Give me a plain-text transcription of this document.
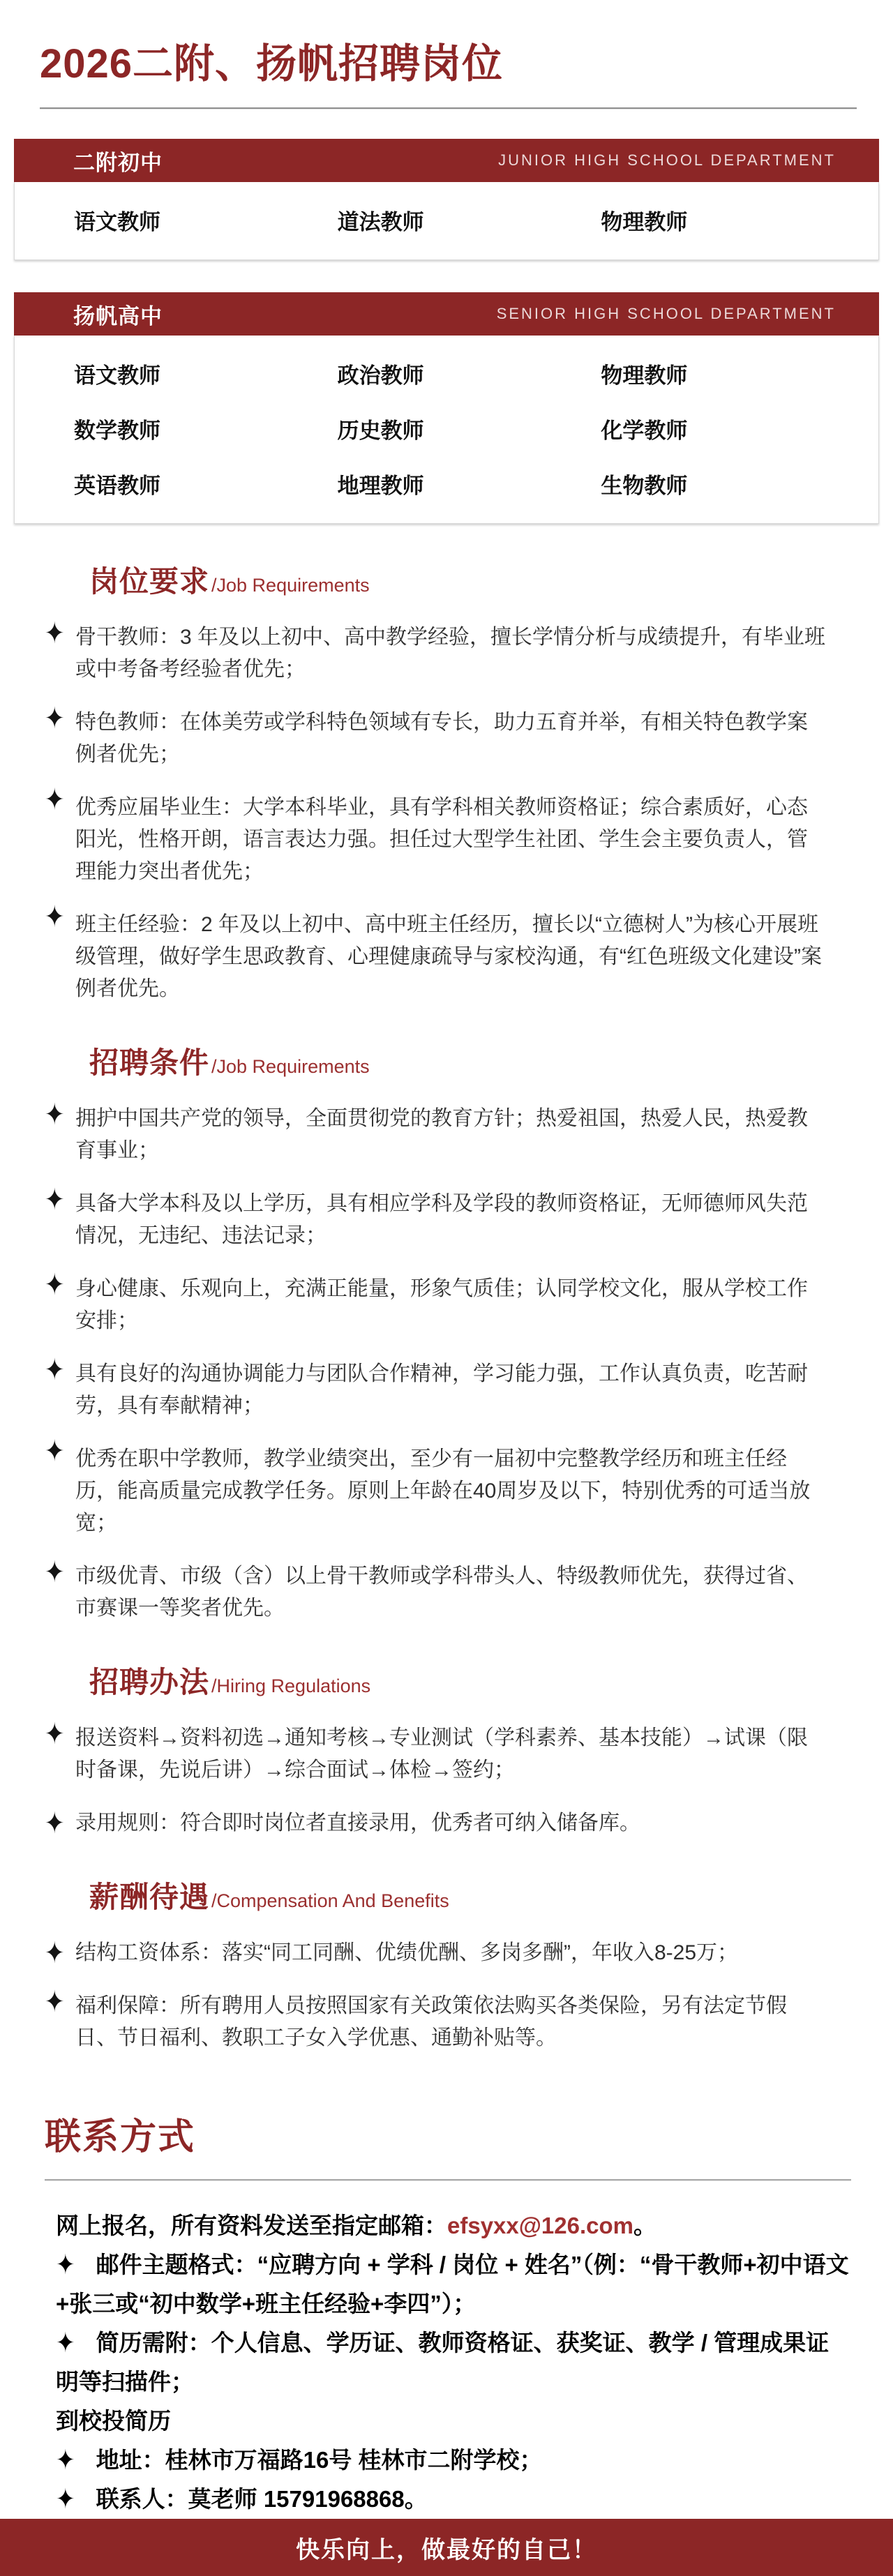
2026二附、扬帆招聘岗位
二附初中	JUNIOR HIGH SCHOOL DEPARTMENT
语文教师	道法教师	物理教师
扬帆高中	SENIOR HIGH SCHOOL DEPARTMENT
语文教师	政治教师	物理教师
数学教师	历史教师	化学教师
英语教师	地理教师	生物教师
岗位要求 /Job Requirements
✦ 骨干教师：3 年及以上初中、高中教学经验，擅长学情分析与成绩提升，有毕业班或中考备考经验者优先；
✦ 特色教师：在体美劳或学科特色领域有专长，助力五育并举，有相关特色教学案例者优先；
✦ 优秀应届毕业生：大学本科毕业，具有学科相关教师资格证；综合素质好，心态阳光，性格开朗，语言表达力强。担任过大型学生社团、学生会主要负责人，管理能力突出者优先；
✦ 班主任经验：2 年及以上初中、高中班主任经历，擅长以“立德树人”为核心开展班级管理，做好学生思政教育、心理健康疏导与家校沟通，有“红色班级文化建设”案例者优先。
招聘条件 /Job Requirements
✦ 拥护中国共产党的领导，全面贯彻党的教育方针；热爱祖国，热爱人民，热爱教育事业；
✦ 具备大学本科及以上学历，具有相应学科及学段的教师资格证，无师德师风失范情况，无违纪、违法记录；
✦ 身心健康、乐观向上，充满正能量，形象气质佳；认同学校文化，服从学校工作安排；
✦ 具有良好的沟通协调能力与团队合作精神，学习能力强，工作认真负责，吃苦耐劳，具有奉献精神；
✦ 优秀在职中学教师，教学业绩突出，至少有一届初中完整教学经历和班主任经历，能高质量完成教学任务。原则上年龄在40周岁及以下，特别优秀的可适当放宽；
✦ 市级优青、市级（含）以上骨干教师或学科带头人、特级教师优先，获得过省、市赛课一等奖者优先。
招聘办法 /Hiring Regulations
✦ 报送资料→资料初选→通知考核→专业测试（学科素养、基本技能）→试课（限时备课，先说后讲）→综合面试→体检→签约；
✦ 录用规则：符合即时岗位者直接录用，优秀者可纳入储备库。
薪酬待遇 /Compensation And Benefits
✦ 结构工资体系：落实“同工同酬、优绩优酬、多岗多酬”，年收入8-25万；
✦ 福利保障：所有聘用人员按照国家有关政策依法购买各类保险，另有法定节假日、节日福利、教职工子女入学优惠、通勤补贴等。
联系方式

网上报名，所有资料发送至指定邮箱：efsyxx@126.com。

✦ 邮件主题格式：“应聘方向 + 学科 / 岗位 + 姓名”（例：“骨干教师+初中语文+张三或“初中数学+班主任经验+李四”）；

✦ 简历需附：个人信息、学历证、教师资格证、获奖证、教学 / 管理成果证明等扫描件；

到校投简历

✦ 地址：桂林市万福路16号 桂林市二附学校；

✦ 联系人：莫老师 15791968868。

快乐向上，做最好的自己！
